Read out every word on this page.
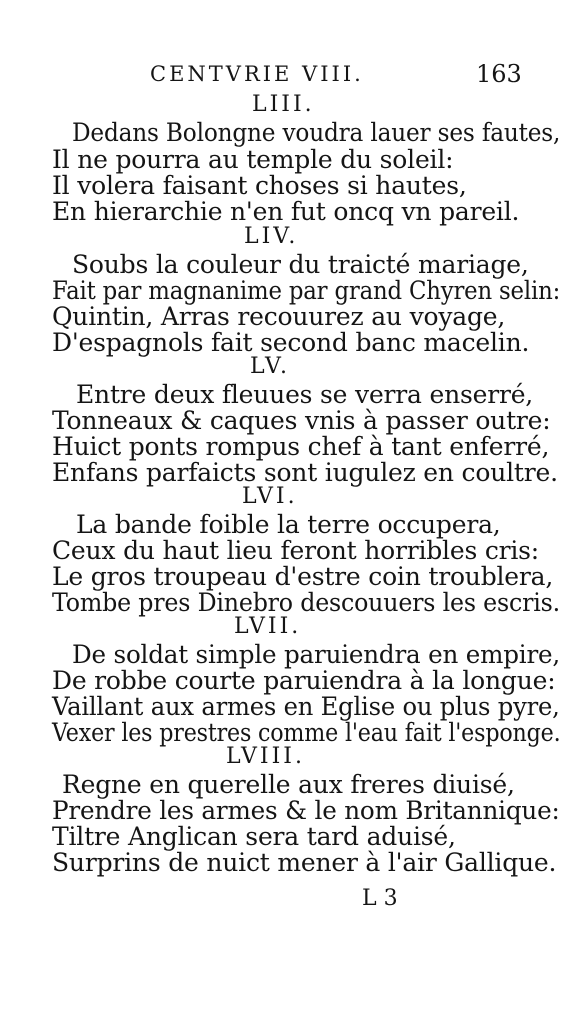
CENTVRIE VIII.	163
LIII.
Dedans Bolongne voudra lauer ses fautes,
Il ne pourra au temple du soleil:
Il volera faisant choses si hautes,
En hierarchie n'en fut oncq vn pareil.
LIV.
Soubs la couleur du traicté mariage,
Fait par magnanime par grand Chyren selin:
Quintin, Arras recouurez au voyage,
D'espagnols fait second banc macelin.
LV.
Entre deux fleuues se verra enserré,
Tonneaux & caques vnis à passer outre:
Huict ponts rompus chef à tant enferré,
Enfans parfaicts sont iugulez en coultre.
LVI.
La bande foible la terre occupera,
Ceux du haut lieu feront horribles cris:
Le gros troupeau d'estre coin troublera,
Tombe pres Dinebro descouuers les escris.
LVII.
De soldat simple paruiendra en empire,
De robbe courte paruiendra à la longue:
Vaillant aux armes en Eglise ou plus pyre,
Vexer les prestres comme l'eau fait l'esponge.
LVIII.
Regne en querelle aux freres diuisé,
Prendre les armes & le nom Britannique:
Tiltre Anglican sera tard aduisé,
Surprins de nuict mener à l'air Gallique.
L 3
